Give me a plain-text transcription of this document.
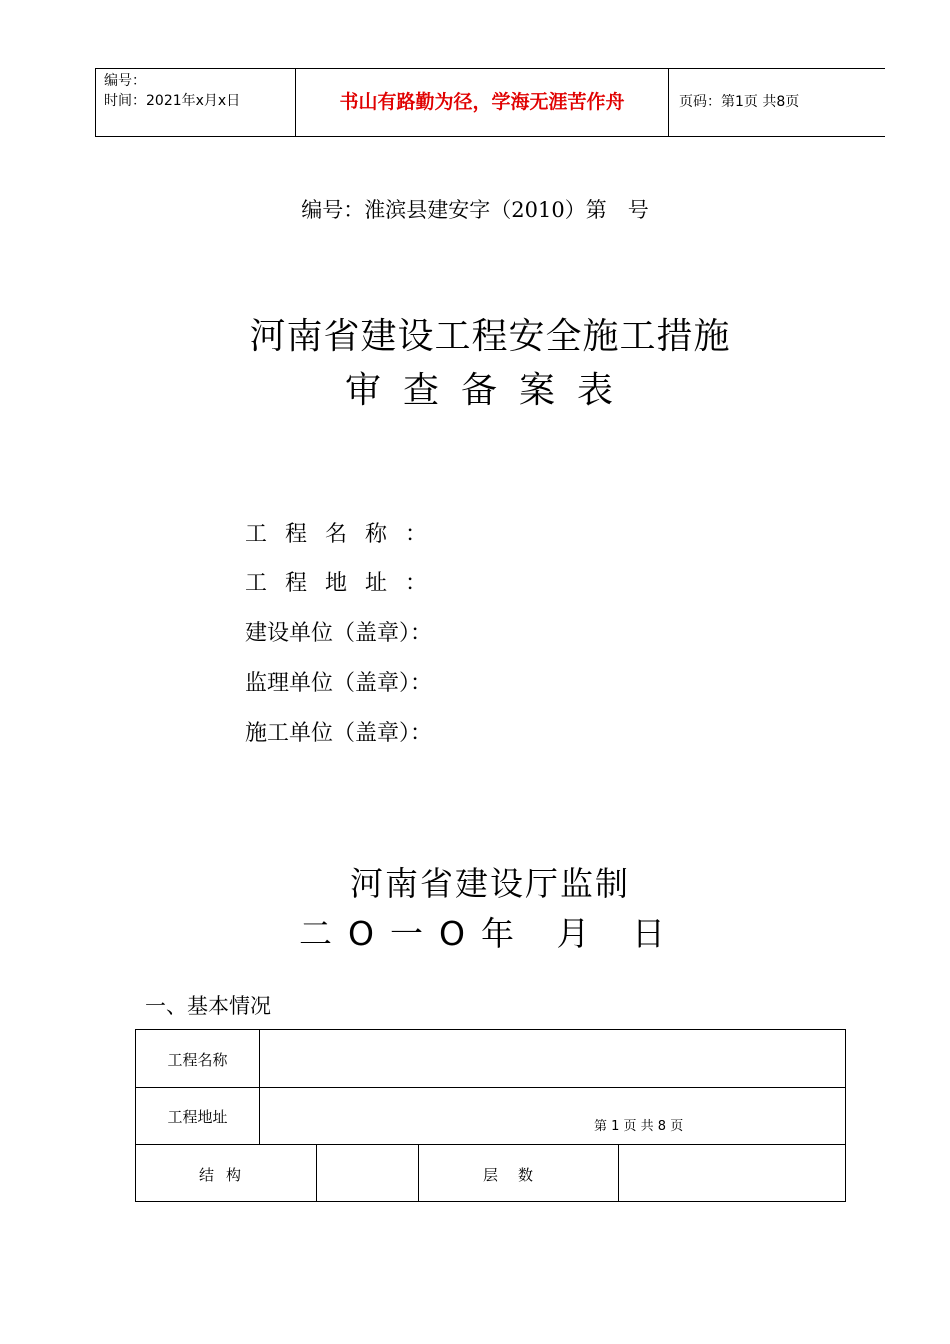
编号：
时间：2021年x月x日	书山有路勤为径，学海无涯苦作舟	页码：第1页 共8页
编号：淮滨县建安字（2010）第　号
河南省建设工程安全施工措施
审查备案表
工程名称：
工程地址：
建设单位（盖章）：
监理单位（盖章）：
施工单位（盖章）：
河南省建设厅监制
二O一O年 月 日
一、基本情况
工程名称
工程地址
第 1 页 共 8 页
结构	层数
